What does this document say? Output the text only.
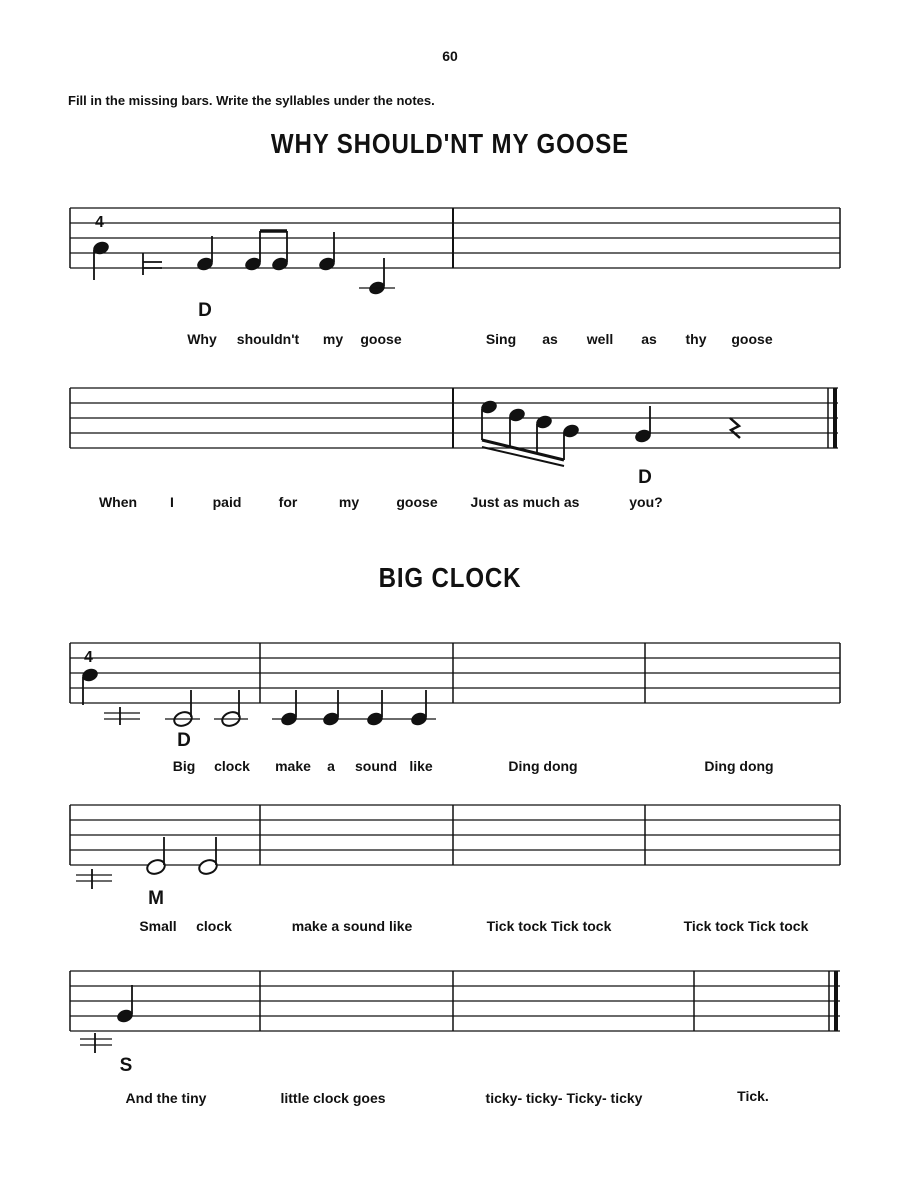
60
Fill in the missing bars. Write the syllables under the notes.
WHY SHOULD'NT MY GOOSE
4
D
Why shouldn't my goose	Sing as well as thy goose
D
When I	paid	for	my	goose Just as much as	you?
BIG CLOCK
4
D
Big clock make a sound like	Ding dong	Ding dong
M
Small clock	make a sound like	Tick tock Tick tock	Tick tock Tick tock
S
And the tiny	little clock goes	ticky- ticky- Ticky- ticky	Tick.
